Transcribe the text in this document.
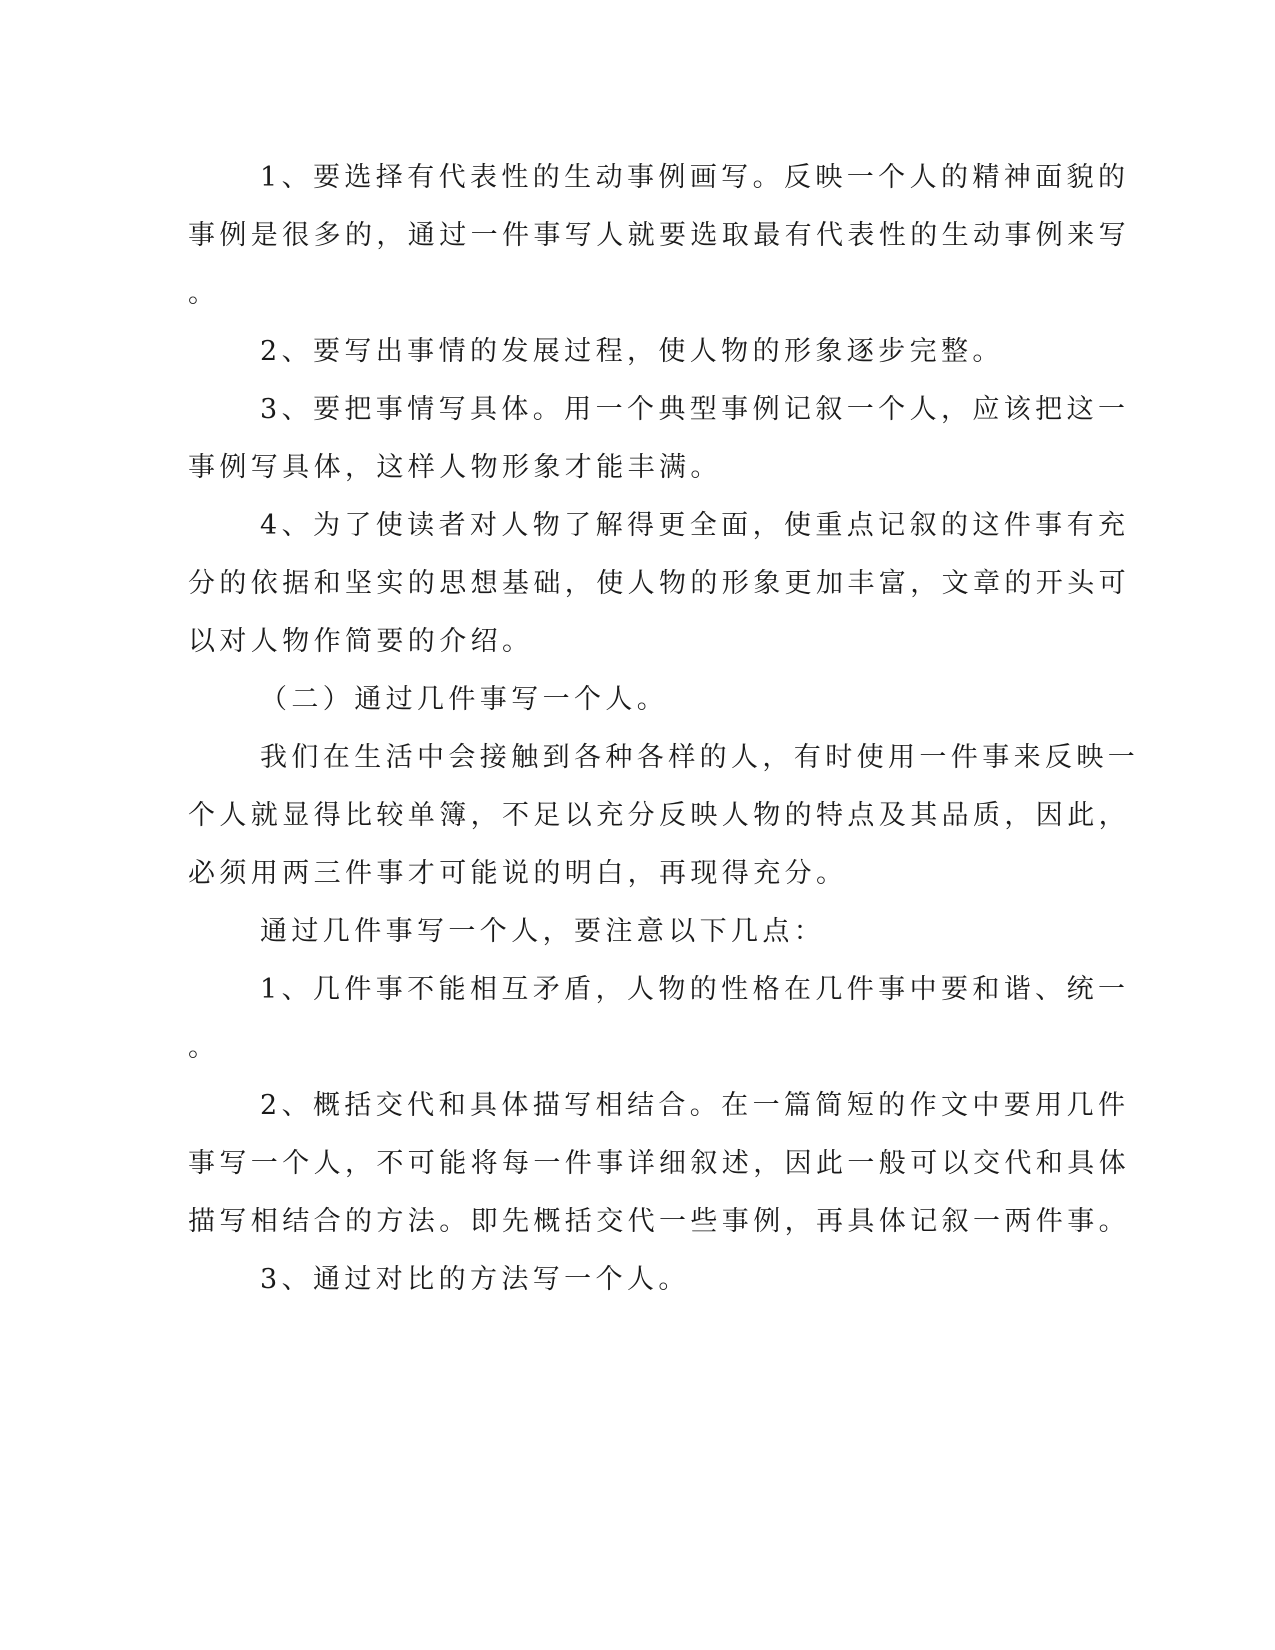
1、要选择有代表性的生动事例画写。反映一个人的精神面貌的
事例是很多的，通过一件事写人就要选取最有代表性的生动事例来写
。
2、要写出事情的发展过程，使人物的形象逐步完整。
3、要把事情写具体。用一个典型事例记叙一个人，应该把这一
事例写具体，这样人物形象才能丰满。
4、为了使读者对人物了解得更全面，使重点记叙的这件事有充
分的依据和坚实的思想基础，使人物的形象更加丰富，文章的开头可
以对人物作简要的介绍。
（二）通过几件事写一个人。
我们在生活中会接触到各种各样的人，有时使用一件事来反映一
个人就显得比较单簿，不足以充分反映人物的特点及其品质，因此，
必须用两三件事才可能说的明白，再现得充分。
通过几件事写一个人，要注意以下几点：
1、几件事不能相互矛盾，人物的性格在几件事中要和谐、统一
。
2、概括交代和具体描写相结合。在一篇简短的作文中要用几件
事写一个人，不可能将每一件事详细叙述，因此一般可以交代和具体
描写相结合的方法。即先概括交代一些事例，再具体记叙一两件事。
3、通过对比的方法写一个人。
